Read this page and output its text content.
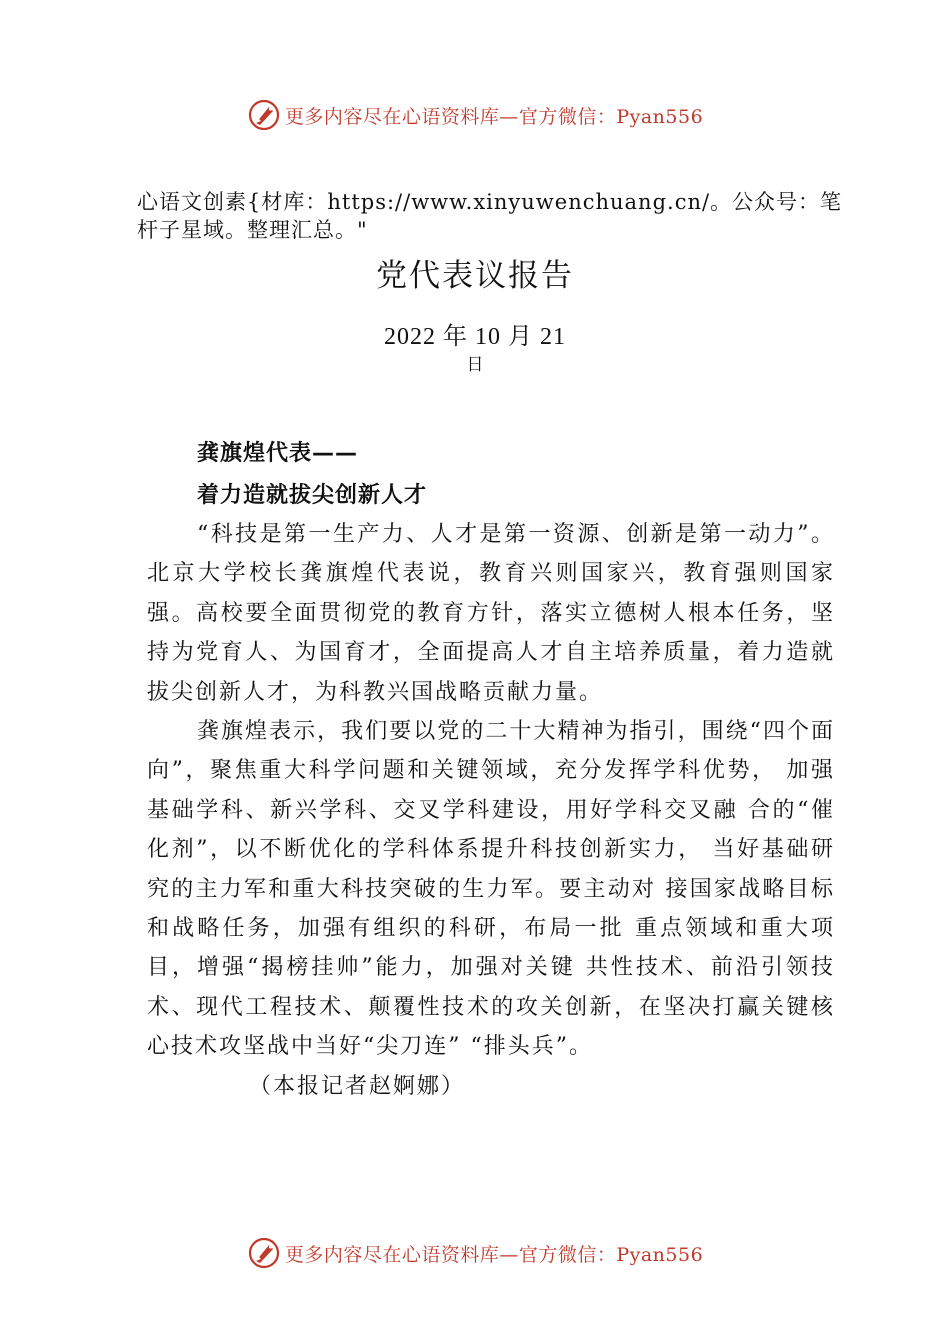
更多内容尽在心语资料库—官方微信：Pyan556
心语文创素{材库：https://www.xinyuwenchuang.cn/。公众号：笔杆子星域。整理汇总。"
党代表议报告
2022 年 10 月 21
日
龚旗煌代表——
着力造就拔尖创新人才

“科技是第一生产力、人才是第一资源、创新是第一动力”。北京大学校长龚旗煌代表说，教育兴则国家兴，教育强则国家强。高校要全面贯彻党的教育方针，落实立德树人根本任务，坚持为党育人、为国育才，全面提高人才自主培养质量，着力造就拔尖创新人才，为科教兴国战略贡献力量。

龚旗煌表示，我们要以党的二十大精神为指引，围绕“四个面向”，聚焦重大科学问题和关键领域，充分发挥学科优势， 加强基础学科、新兴学科、交叉学科建设，用好学科交叉融 合的“催化剂”，以不断优化的学科体系提升科技创新实力， 当好基础研究的主力军和重大科技突破的生力军。要主动对 接国家战略目标和战略任务，加强有组织的科研，布局一批 重点领域和重大项目，增强“揭榜挂帅”能力，加强对关键 共性技术、前沿引领技术、现代工程技术、颠覆性技术的攻关创新，在坚决打赢关键核心技术攻坚战中当好“尖刀连” “排头兵”。

（本报记者赵婀娜）

更多内容尽在心语资料库—官方微信：Pyan556
